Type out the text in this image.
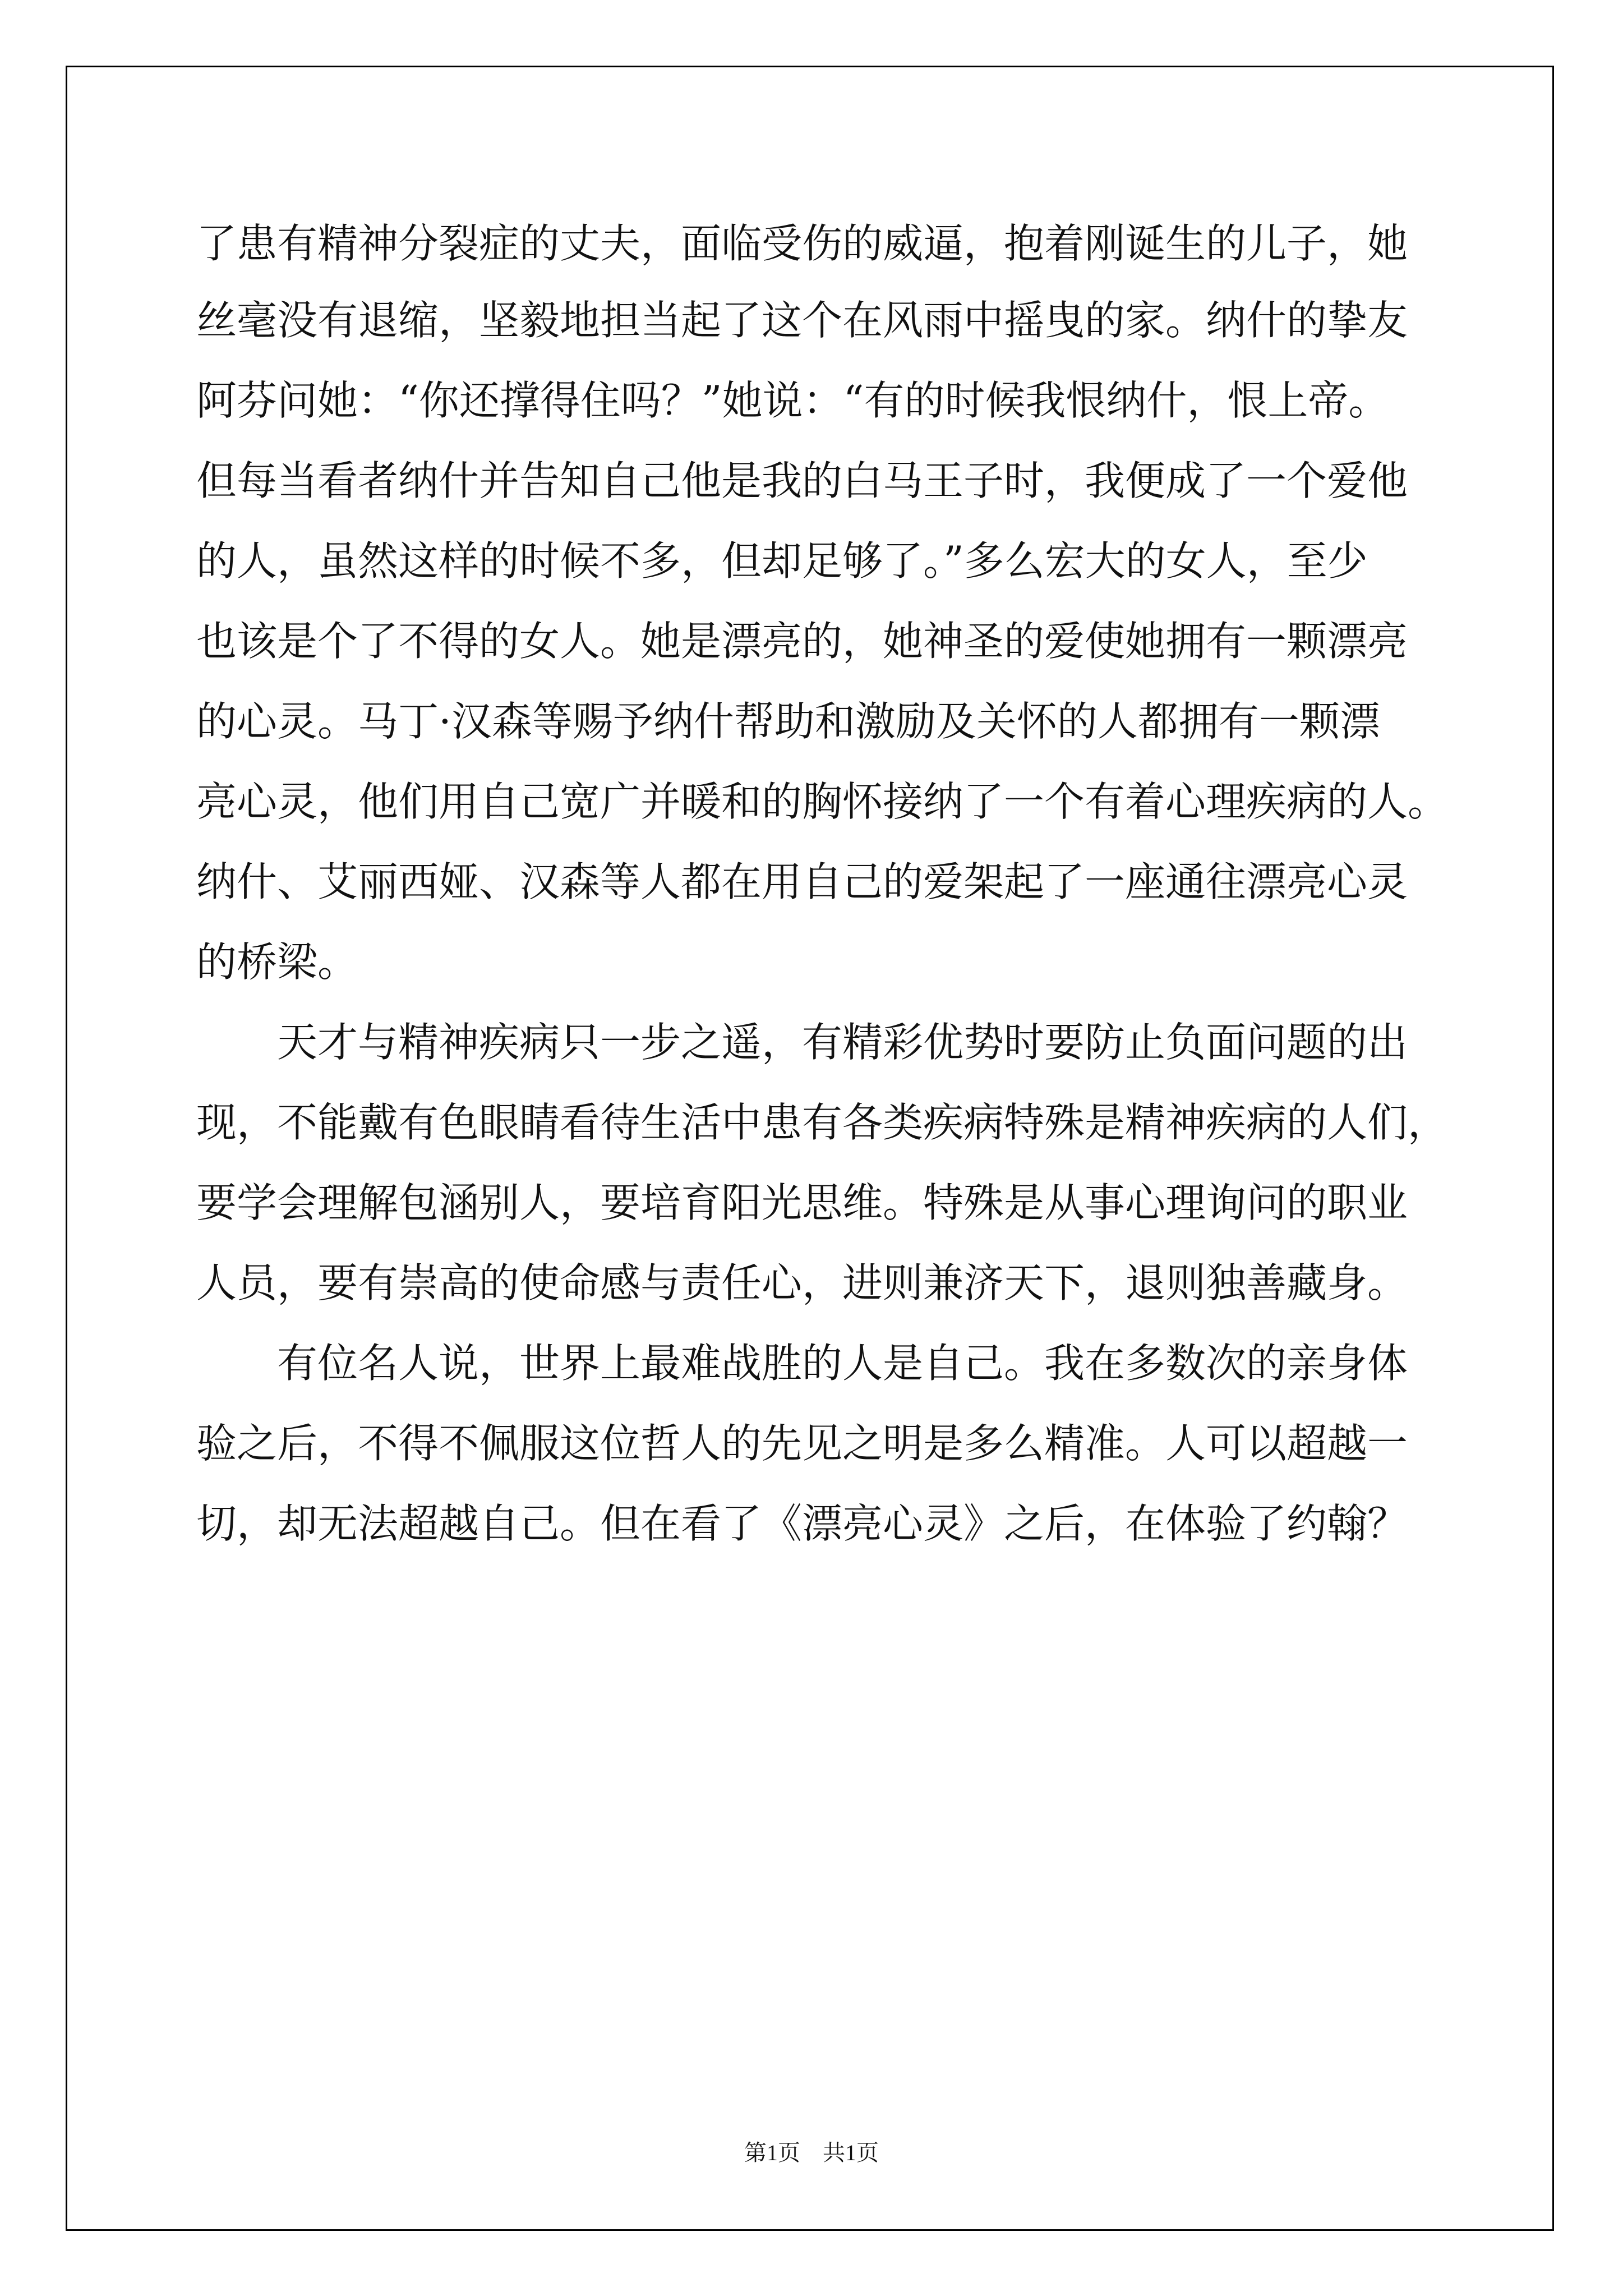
了患有精神分裂症的丈夫，面临受伤的威逼，抱着刚诞生的儿子，她
丝毫没有退缩，坚毅地担当起了这个在风雨中摇曳的家。纳什的挚友
阿芬问她：“你还撑得住吗？”她说：“有的时候我恨纳什，恨上帝。
但每当看者纳什并告知自己他是我的白马王子时，我便成了一个爱他
的人，虽然这样的时候不多，但却足够了。”多么宏大的女人，至少
也该是个了不得的女人。她是漂亮的，她神圣的爱使她拥有一颗漂亮
的心灵。马丁·汉森等赐予纳什帮助和激励及关怀的人都拥有一颗漂
亮心灵，他们用自己宽广并暖和的胸怀接纳了一个有着心理疾病的人。
纳什、艾丽西娅、汉森等人都在用自己的爱架起了一座通往漂亮心灵
的桥梁。
天才与精神疾病只一步之遥，有精彩优势时要防止负面问题的出
现，不能戴有色眼睛看待生活中患有各类疾病特殊是精神疾病的人们，
要学会理解包涵别人，要培育阳光思维。特殊是从事心理询问的职业
人员，要有崇高的使命感与责任心，进则兼济天下，退则独善藏身。
有位名人说，世界上最难战胜的人是自己。我在多数次的亲身体
验之后，不得不佩服这位哲人的先见之明是多么精准。人可以超越一
切，却无法超越自己。但在看了《漂亮心灵》之后，在体验了约翰？
第1页 共1页
